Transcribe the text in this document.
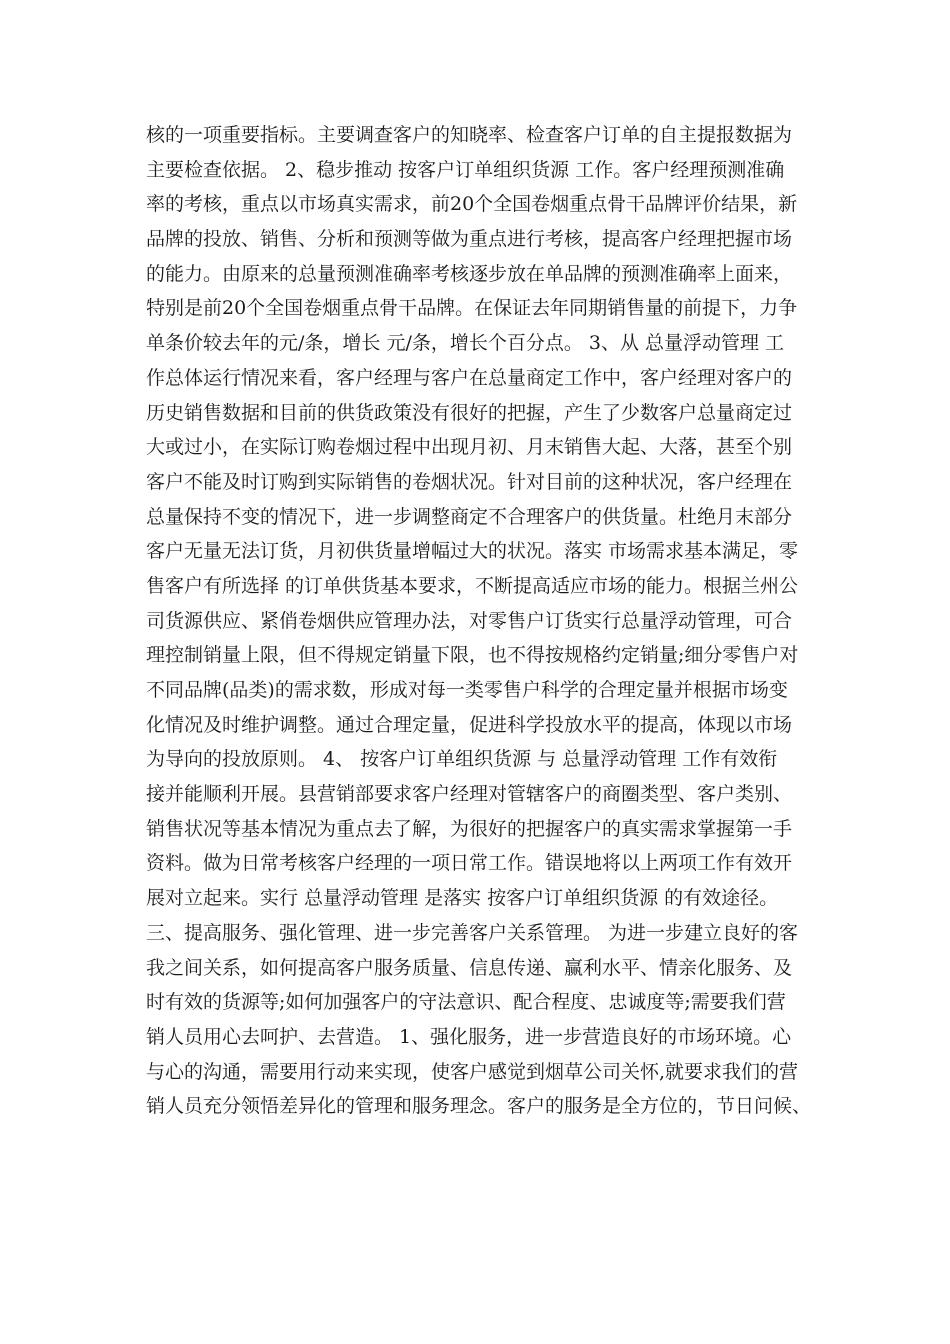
核的一项重要指标。主要调查客户的知晓率、检查客户订单的自主提报数据为
主要检查依据。 2、稳步推动 按客户订单组织货源 工作。客户经理预测准确
率的考核，重点以市场真实需求，前20个全国卷烟重点骨干品牌评价结果，新
品牌的投放、销售、分析和预测等做为重点进行考核，提高客户经理把握市场
的能力。由原来的总量预测准确率考核逐步放在单品牌的预测准确率上面来，
特别是前20个全国卷烟重点骨干品牌。在保证去年同期销售量的前提下，力争
单条价较去年的元/条，增长 元/条，增长个百分点。 3、从 总量浮动管理 工
作总体运行情况来看，客户经理与客户在总量商定工作中，客户经理对客户的
历史销售数据和目前的供货政策没有很好的把握，产生了少数客户总量商定过
大或过小，在实际订购卷烟过程中出现月初、月末销售大起、大落，甚至个别
客户不能及时订购到实际销售的卷烟状况。针对目前的这种状况，客户经理在
总量保持不变的情况下，进一步调整商定不合理客户的供货量。杜绝月末部分
客户无量无法订货，月初供货量增幅过大的状况。落实 市场需求基本满足，零
售客户有所选择 的订单供货基本要求，不断提高适应市场的能力。根据兰州公
司货源供应、紧俏卷烟供应管理办法，对零售户订货实行总量浮动管理，可合
理控制销量上限，但不得规定销量下限，也不得按规格约定销量;细分零售户对
不同品牌(品类)的需求数，形成对每一类零售户科学的合理定量并根据市场变
化情况及时维护调整。通过合理定量，促进科学投放水平的提高，体现以市场
为导向的投放原则。 4、 按客户订单组织货源 与 总量浮动管理 工作有效衔
接并能顺利开展。县营销部要求客户经理对管辖客户的商圈类型、客户类别、
销售状况等基本情况为重点去了解，为很好的把握客户的真实需求掌握第一手
资料。做为日常考核客户经理的一项日常工作。错误地将以上两项工作有效开
展对立起来。实行 总量浮动管理 是落实 按客户订单组织货源 的有效途径。
三、提高服务、强化管理、进一步完善客户关系管理。 为进一步建立良好的客
我之间关系，如何提高客户服务质量、信息传递、赢利水平、情亲化服务、及
时有效的货源等;如何加强客户的守法意识、配合程度、忠诚度等;需要我们营
销人员用心去呵护、去营造。 1、强化服务，进一步营造良好的市场环境。心
与心的沟通，需要用行动来实现，使客户感觉到烟草公司关怀,就要求我们的营
销人员充分领悟差异化的管理和服务理念。客户的服务是全方位的，节日问候、
